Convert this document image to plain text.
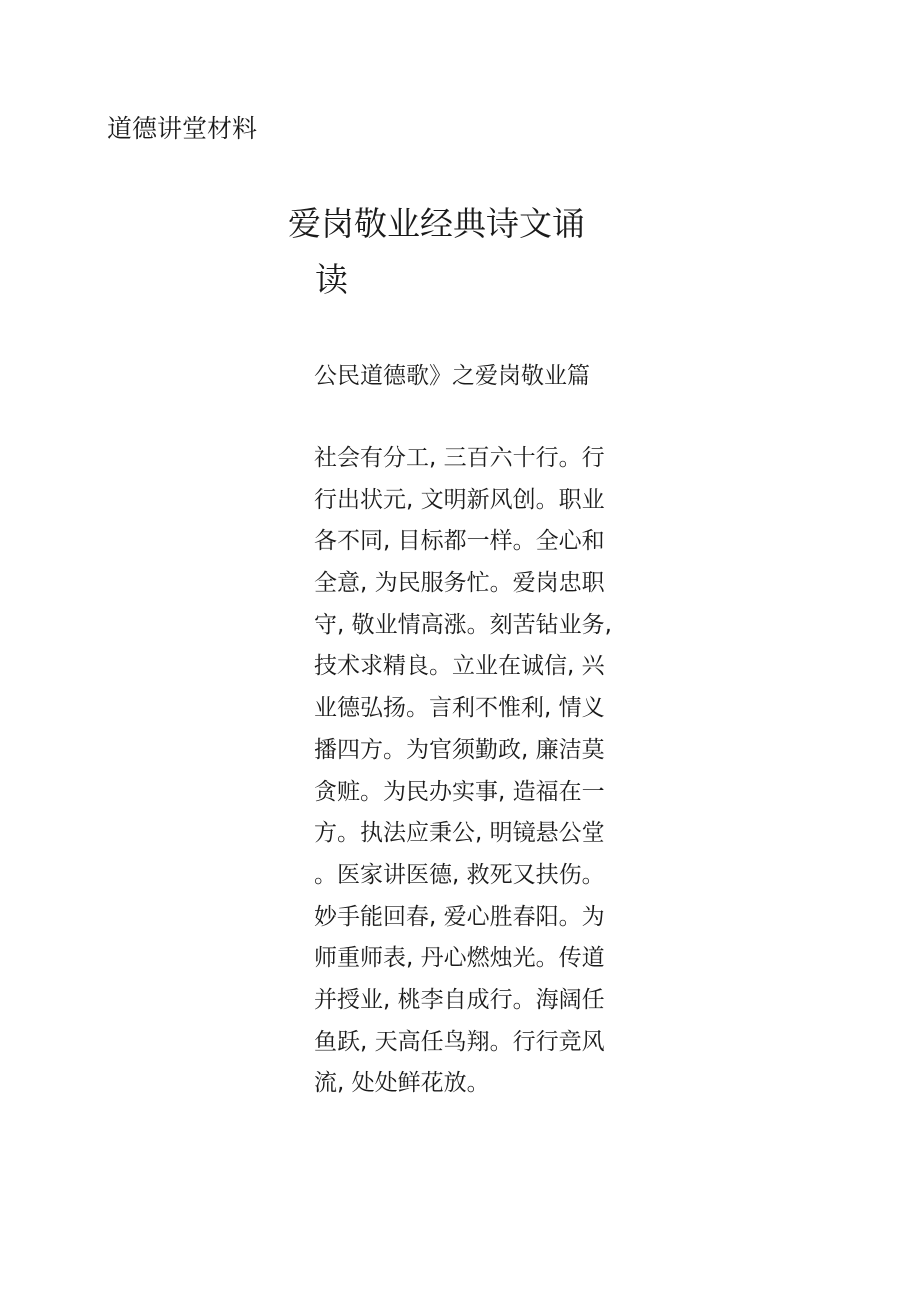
道德讲堂材料
爱岗敬业经典诗文诵
读
公民道德歌》之爱岗敬业篇
社会有分工, 三百六十行。行
行出状元, 文明新风创。职业
各不同, 目标都一样。全心和
全意, 为民服务忙。爱岗忠职
守, 敬业情高涨。刻苦钻业务,
技术求精良。立业在诚信, 兴
业德弘扬。言利不惟利, 情义
播四方。为官须勤政, 廉洁莫
贪赃。为民办实事, 造福在一
方。执法应秉公, 明镜悬公堂
。医家讲医德, 救死又扶伤。
妙手能回春, 爱心胜春阳。为
师重师表, 丹心燃烛光。传道
并授业, 桃李自成行。海阔任
鱼跃, 天高任鸟翔。行行竞风
流, 处处鲜花放。
